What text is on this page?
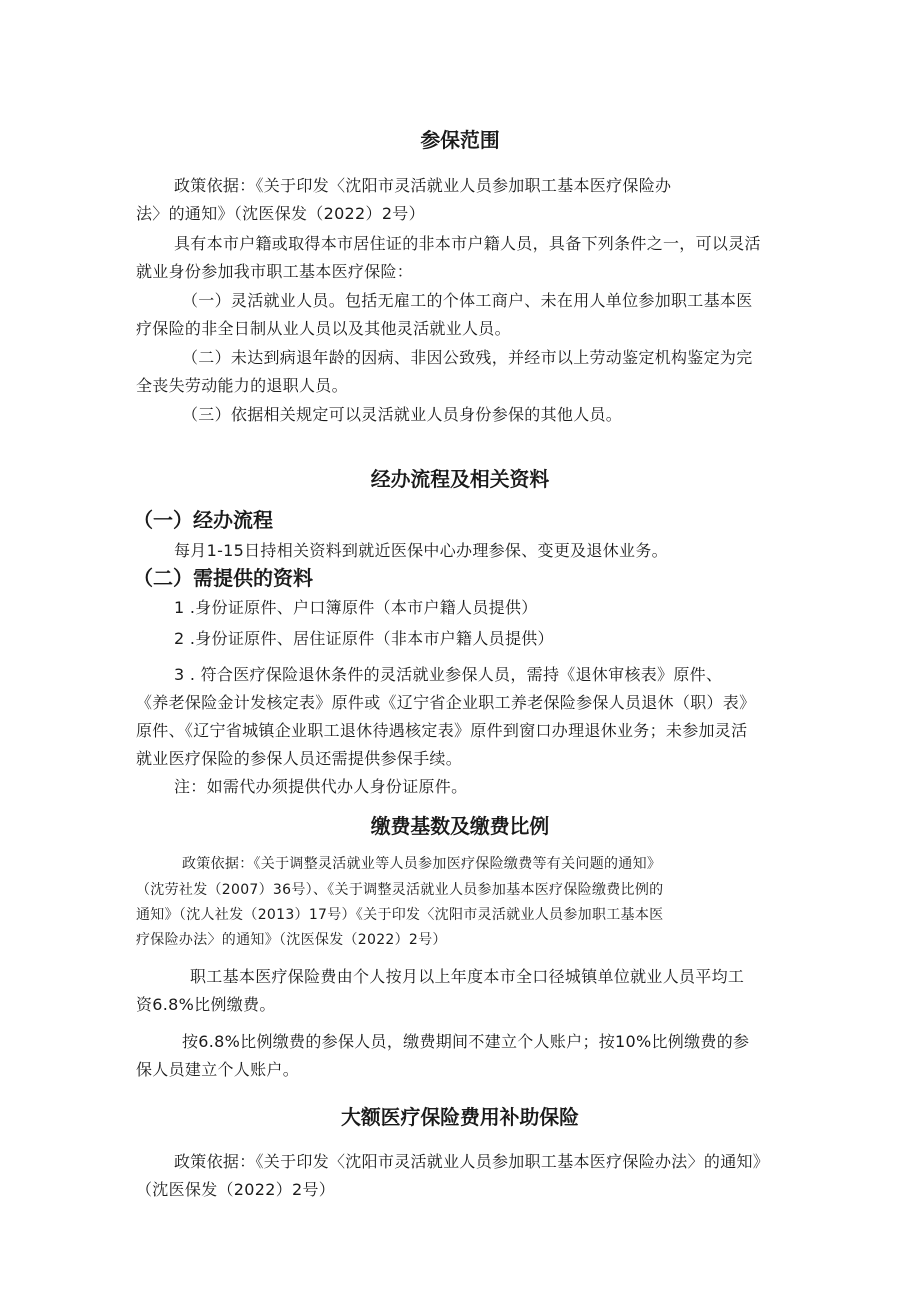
参保范围

政策依据：《关于印发〈沈阳市灵活就业人员参加职工基本医疗保险办

法〉的通知》（沈医保发（2022）2号）

具有本市户籍或取得本市居住证的非本市户籍人员，具备下列条件之一，可以灵活

就业身份参加我市职工基本医疗保险：

（一）灵活就业人员。包括无雇工的个体工商户、未在用人单位参加职工基本医

疗保险的非全日制从业人员以及其他灵活就业人员。

（二）未达到病退年龄的因病、非因公致残，并经市以上劳动鉴定机构鉴定为完

全丧失劳动能力的退职人员。

（三）依据相关规定可以灵活就业人员身份参保的其他人员。

经办流程及相关资料
（一）经办流程

每月1-15日持相关资料到就近医保中心办理参保、变更及退休业务。

（二）需提供的资料

1 .身份证原件、户口簿原件（本市户籍人员提供）

2 .身份证原件、居住证原件（非本市户籍人员提供）

3 . 符合医疗保险退休条件的灵活就业参保人员，需持《退休审核表》原件、

《养老保险金计发核定表》原件或《辽宁省企业职工养老保险参保人员退休（职）表》

原件、《辽宁省城镇企业职工退休待遇核定表》原件到窗口办理退休业务；未参加灵活

就业医疗保险的参保人员还需提供参保手续。

注：如需代办须提供代办人身份证原件。

缴费基数及缴费比例

政策依据：《关于调整灵活就业等人员参加医疗保险缴费等有关问题的通知》

（沈劳社发（2007）36号）、《关于调整灵活就业人员参加基本医疗保险缴费比例的

通知》（沈人社发（2013）17号）《关于印发〈沈阳市灵活就业人员参加职工基本医

疗保险办法〉的通知》（沈医保发（2022）2号）

职工基本医疗保险费由个人按月以上年度本市全口径城镇单位就业人员平均工

资6.8%比例缴费。

按6.8%比例缴费的参保人员，缴费期间不建立个人账户；按10%比例缴费的参

保人员建立个人账户。

大额医疗保险费用补助保险

政策依据：《关于印发〈沈阳市灵活就业人员参加职工基本医疗保险办法〉的通知》

（沈医保发（2022）2号）
